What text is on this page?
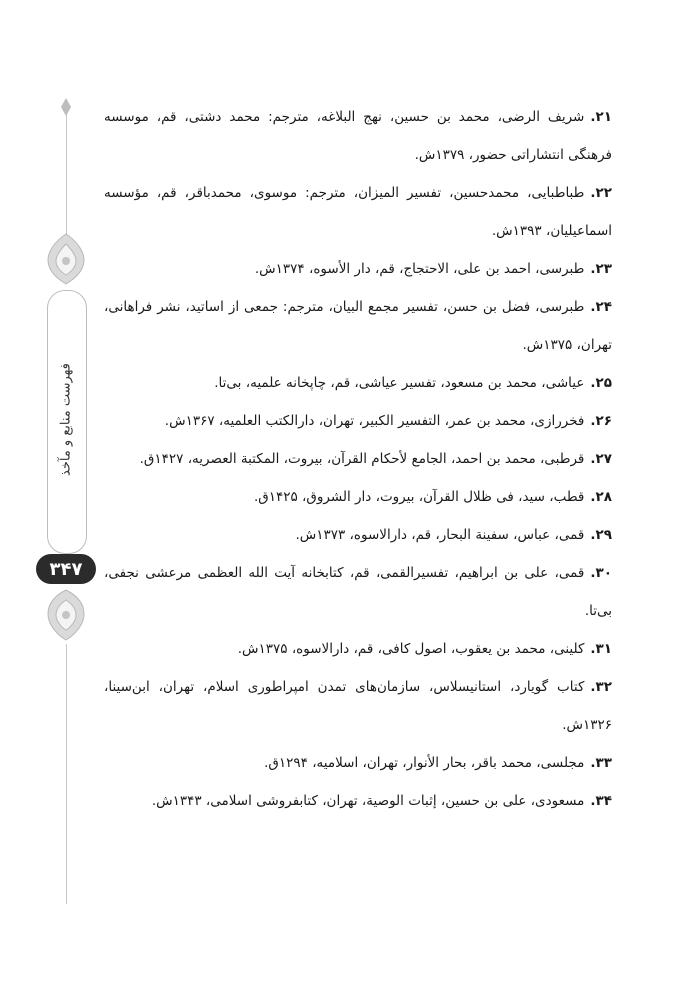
فهرست منابع و مآخذ
۳۴۷
۲۱.شریف الرضی، محمد بن حسین، نهج البلاغه، مترجم: محمد دشتی، قم، موسسه فرهنگی انتشاراتی حضور، ۱۳۷۹ش.
۲۲.طباطبایی، محمدحسین، تفسیر المیزان، مترجم: موسوی، محمدباقر، قم، مؤسسه اسماعیلیان، ۱۳۹۳ش.
۲۳.طبرسی، احمد بن علی، الاحتجاج، قم، دار الأسوه، ۱۳۷۴ش.
۲۴.طبرسی، فضل بن حسن، تفسیر مجمع البیان، مترجم: جمعی از اساتید، نشر فراهانی، تهران، ۱۳۷۵ش.
۲۵.عیاشی، محمد بن مسعود، تفسیر عیاشی، قم، چاپخانه علمیه، بی‌تا.
۲۶.فخررازی، محمد بن عمر، التفسیر الکبیر، تهران، دارالکتب العلمیه، ۱۳۶۷ش.
۲۷.قرطبی، محمد بن احمد، الجامع لأحکام القرآن، بیروت، المکتبة العصریه، ۱۴۲۷ق.
۲۸.قطب، سید، فی ظلال القرآن، بیروت، دار الشروق، ۱۴۲۵ق.
۲۹.قمی، عباس، سفینة البحار، قم، دارالاسوه، ۱۳۷۳ش.
۳۰.قمی، علی بن ابراهیم، تفسیرالقمی، قم، کتابخانه آیت الله العظمی مرعشی نجفی، بی‌تا.
۳۱.کلینی، محمد بن یعقوب، اصول کافی، قم، دارالاسوه، ۱۳۷۵ش.
۳۲.کتاب گویارد، استانیسلاس، سازمان‌های تمدن امپراطوری اسلام، تهران، ابن‌سینا، ۱۳۲۶ش.
۳۳.مجلسی، محمد باقر، بحار الأنوار، تهران، اسلامیه، ۱۲۹۴ق.
۳۴.مسعودی، علی بن حسین، إثبات الوصیة، تهران، کتابفروشی اسلامی، ۱۳۴۳ش.
